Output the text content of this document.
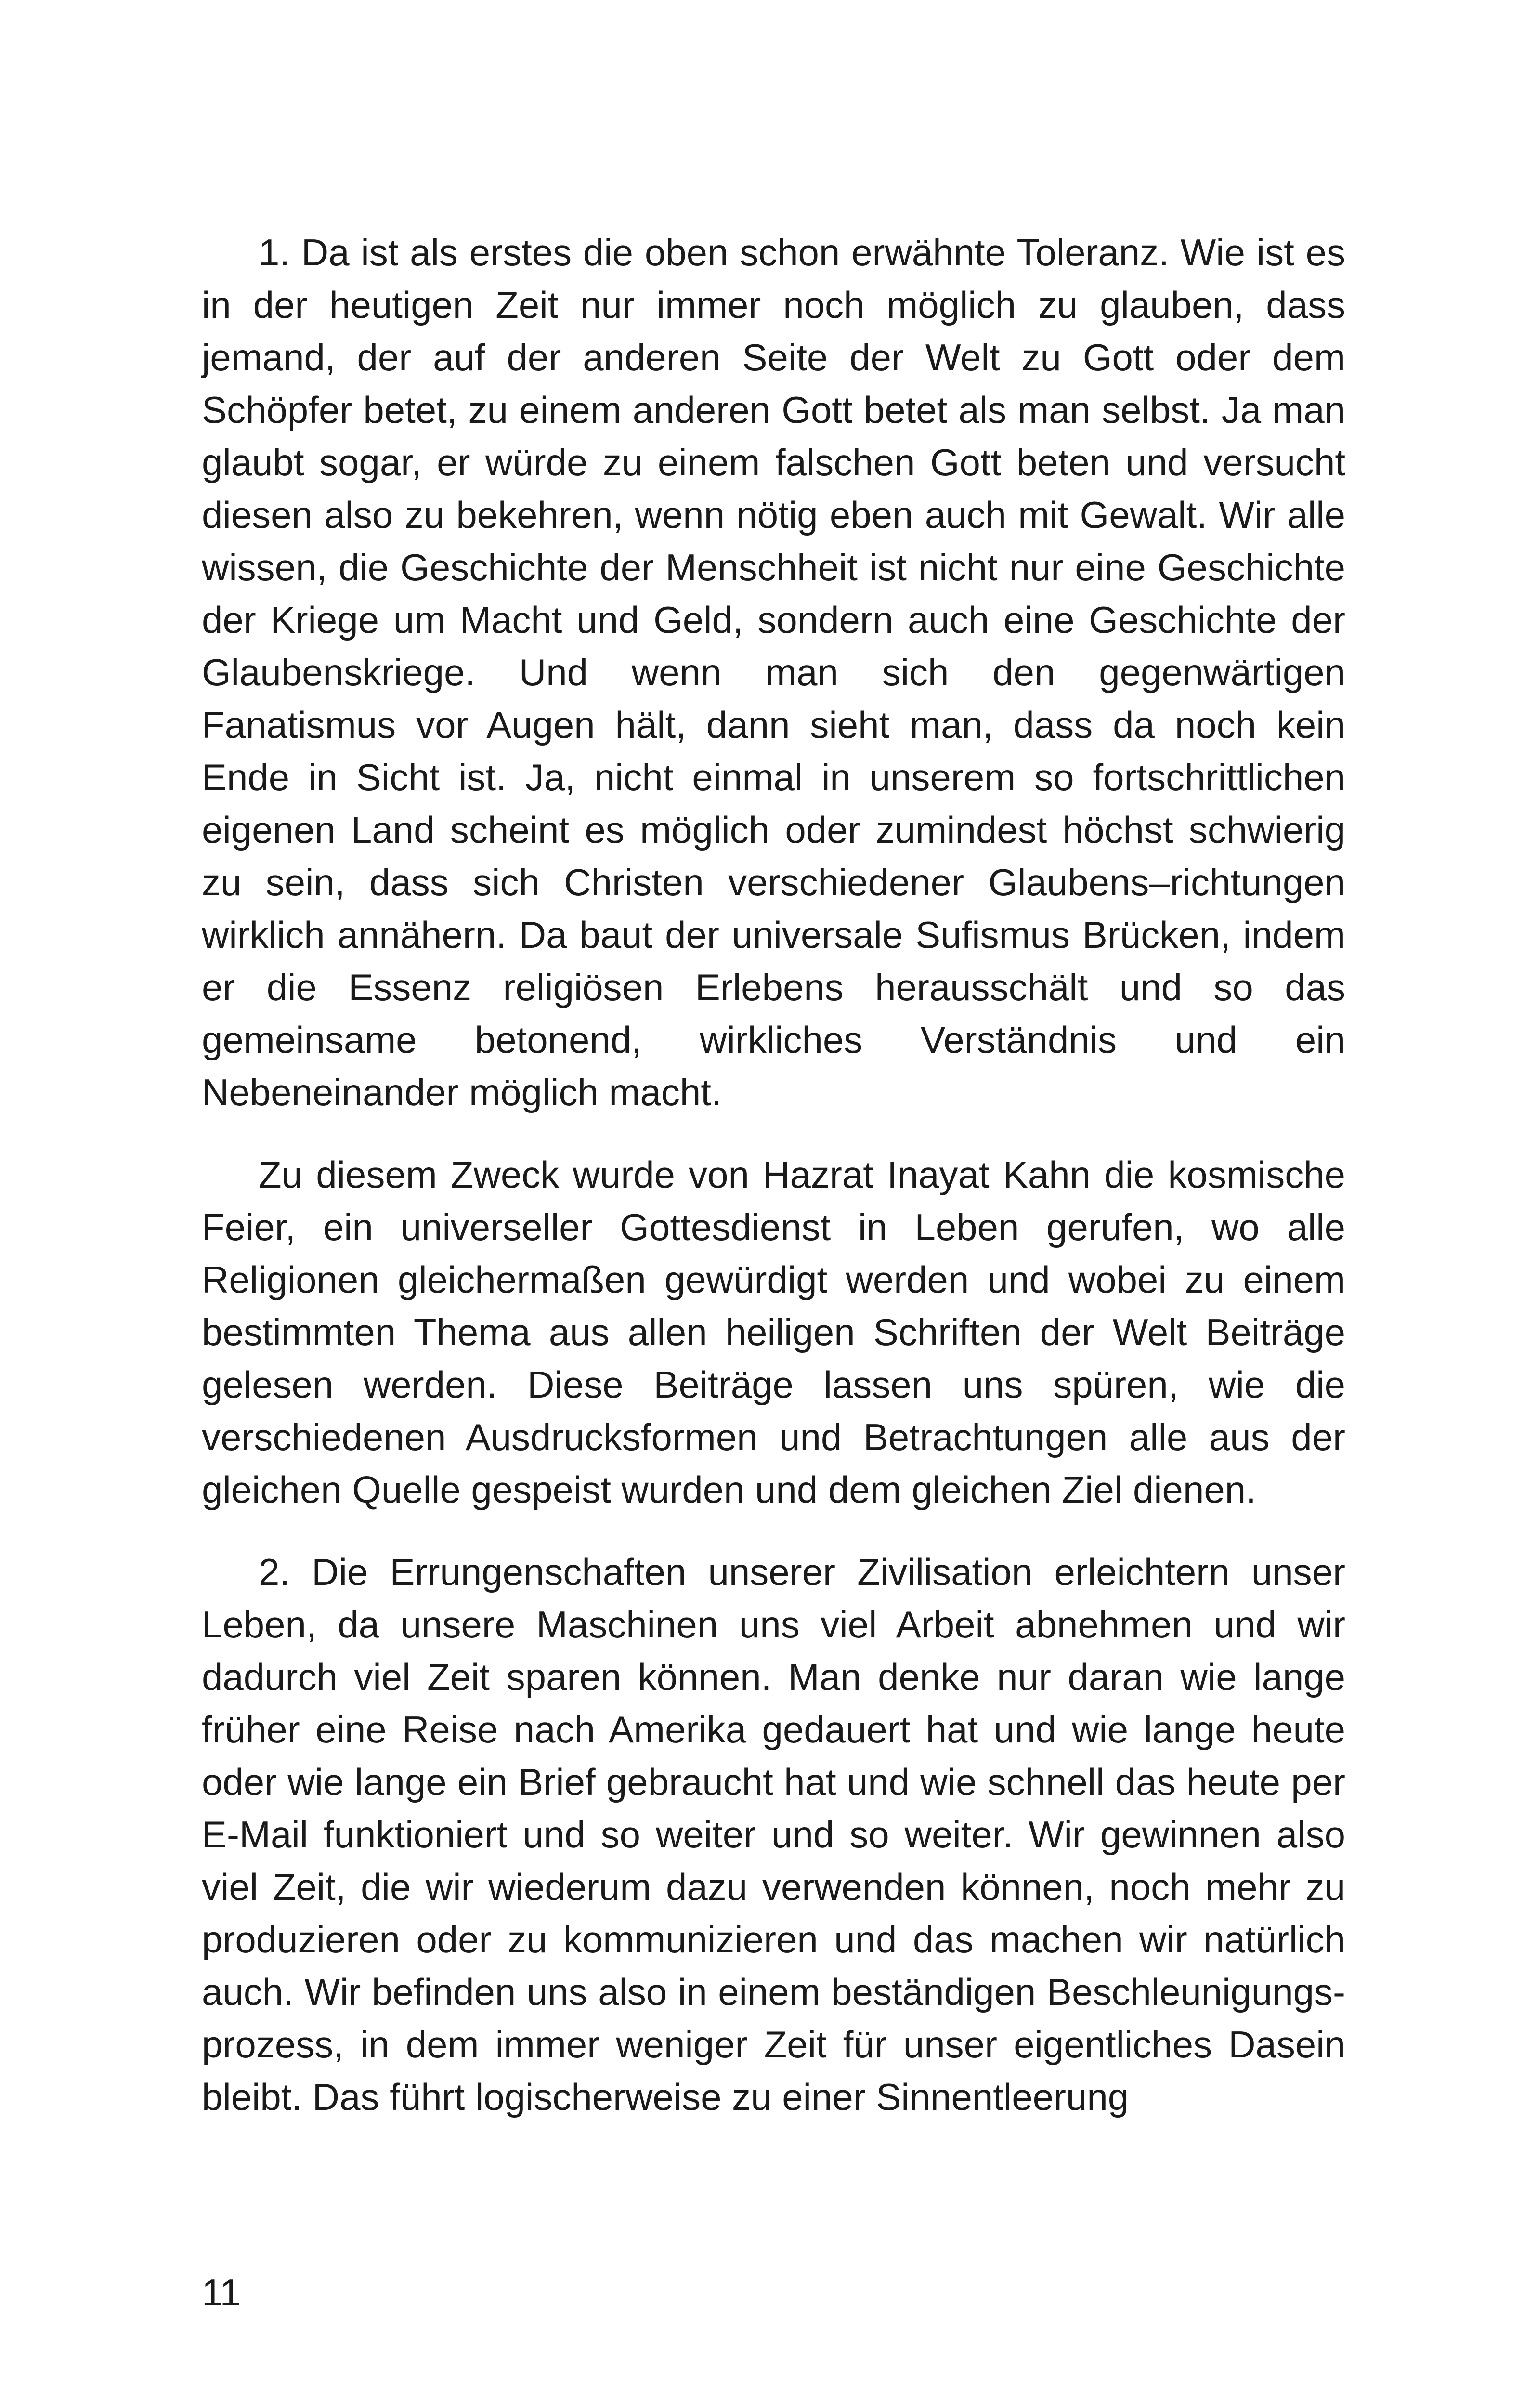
1. Da ist als erstes die oben schon erwähnte Toleranz. Wie ist es in der heutigen Zeit nur immer noch möglich zu glauben, dass jemand, der auf der anderen Seite der Welt zu Gott oder dem Schöpfer betet, zu einem anderen Gott betet als man selbst. Ja man glaubt sogar, er würde zu einem falschen Gott beten und versucht diesen also zu bekehren, wenn nötig eben auch mit Gewalt. Wir alle wissen, die Geschichte der Menschheit ist nicht nur eine Geschichte der Kriege um Macht und Geld, sondern auch eine Geschichte der Glaubenskriege. Und wenn man sich den gegenwärtigen Fanatismus vor Augen hält, dann sieht man, dass da noch kein Ende in Sicht ist. Ja, nicht einmal in unserem so fortschrittlichen eigenen Land scheint es möglich oder zumindest höchst schwierig zu sein, dass sich Christen verschiedener Glaubens–richtungen wirklich annähern. Da baut der universale Sufismus Brücken, indem er die Essenz religiösen Erlebens herausschält und so das gemeinsame betonend, wirkliches Verständnis und ein Nebeneinander möglich macht.

Zu diesem Zweck wurde von Hazrat Inayat Kahn die kosmische Feier, ein universeller Gottesdienst in Leben gerufen, wo alle Religionen gleichermaßen gewürdigt werden und wobei zu einem bestimmten Thema aus allen heiligen Schriften der Welt Beiträge gelesen werden. Diese Beiträge lassen uns spüren, wie die verschiedenen Ausdrucksformen und Betrachtungen alle aus der gleichen Quelle gespeist wurden und dem gleichen Ziel dienen.

2. Die Errungenschaften unserer Zivilisation erleichtern unser Leben, da unsere Maschinen uns viel Arbeit abnehmen und wir dadurch viel Zeit sparen können. Man denke nur daran wie lange früher eine Reise nach Amerika gedauert hat und wie lange heute oder wie lange ein Brief gebraucht hat und wie schnell das heute per E-Mail funktioniert und so weiter und so weiter. Wir gewinnen also viel Zeit, die wir wiederum dazu verwenden können, noch mehr zu produzieren oder zu kommunizieren und das machen wir natürlich auch. Wir befinden uns also in einem beständigen Beschleunigungs-prozess, in dem immer weniger Zeit für unser eigentliches Dasein bleibt. Das führt logischerweise zu einer Sinnentleerung

11
